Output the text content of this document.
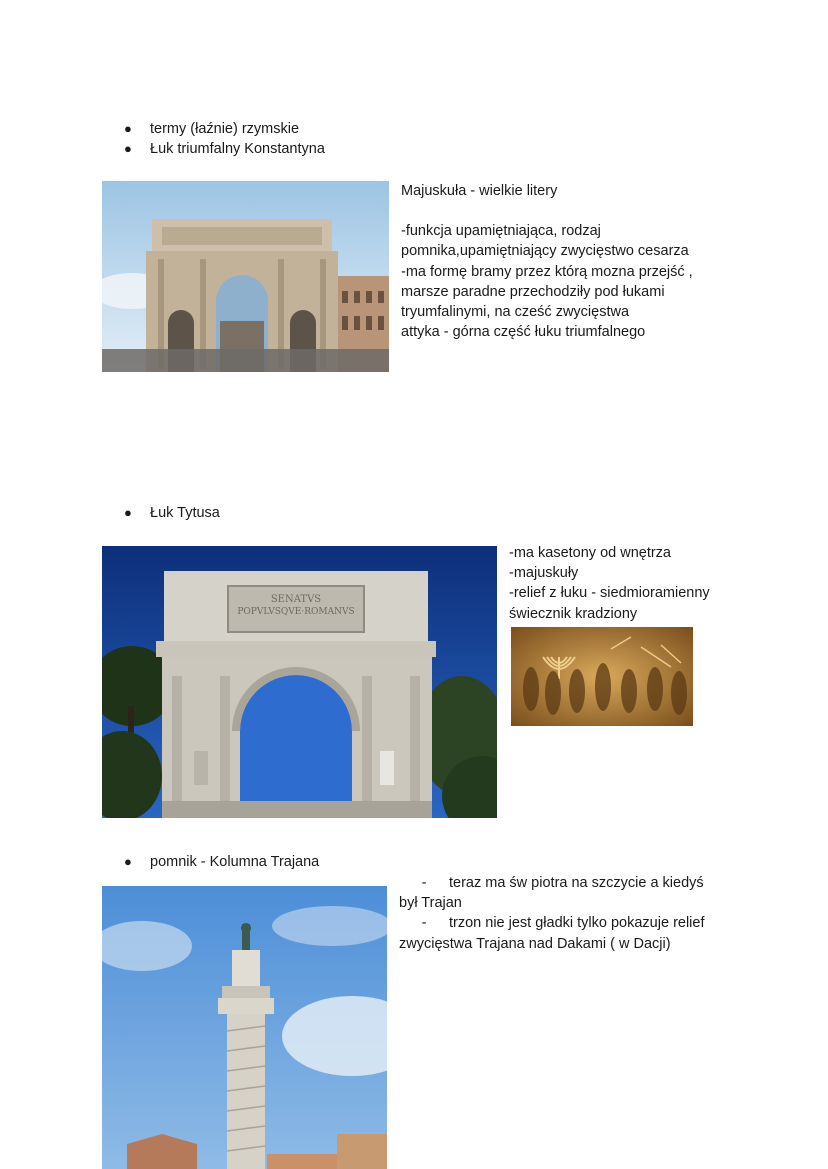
● termy (łaźnie) rzymskie
● Łuk triumfalny Konstantyna
Majuskuła - wielkie litery
-funkcja upamiętniająca, rodzaj
pomnika,upamiętniający zwycięstwo cesarza
-ma formę bramy przez którą mozna przejść ,
marsze paradne przechodziły pod łukami
tryumfalinymi, na cześć zwycięstwa
attyka - górna część łuku triumfalnego
● Łuk Tytusa
SENATVS
POPVLVSQVE·ROMANVS
-ma kasetony od wnętrza
-majuskuły
-relief z łuku - siedmioramienny
świecznik kradziony
● pomnik - Kolumna Trajana
- teraz ma św piotra na szczycie a kiedyś
był Trajan
- trzon nie jest gładki tylko pokazuje relief
zwycięstwa Trajana nad Dakami ( w Dacji)
